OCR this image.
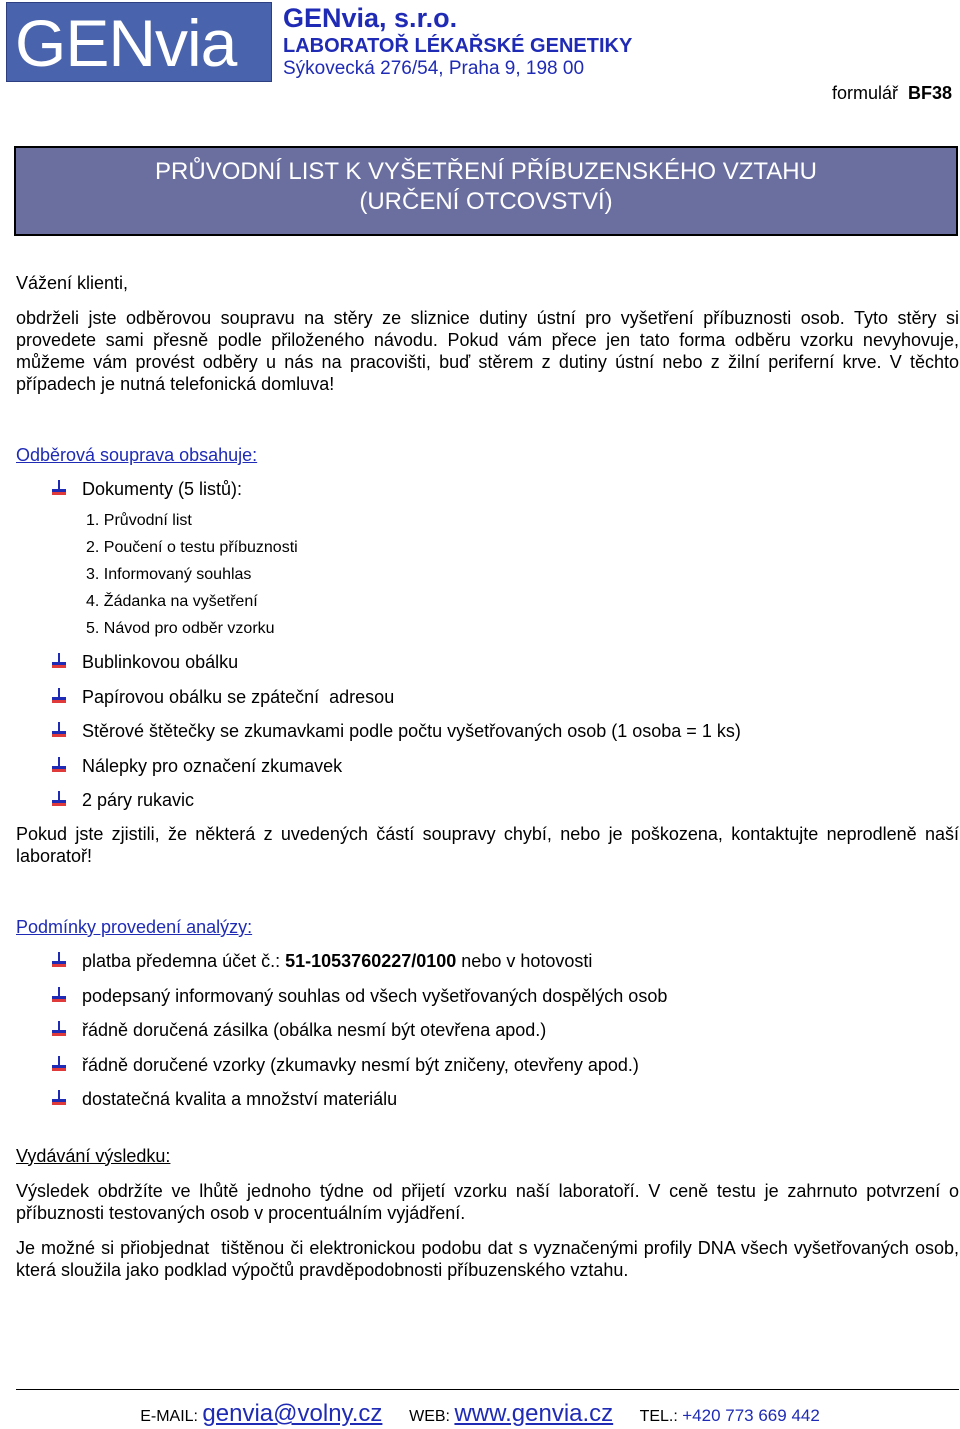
GENvia GENvia, s.r.o.
LABORATOŘ LÉKAŘSKÉ GENETIKY
Sýkovecká 276/54, Praha 9, 198 00
formulář BF38
PRŮVODNÍ LIST K VYŠETŘENÍ PŘÍBUZENSKÉHO VZTAHU
(URČENÍ OTCOVSTVÍ)

Vážení klienti,

obdrželi jste odběrovou soupravu na stěry ze sliznice dutiny ústní pro vyšetření příbuznosti osob. Tyto stěry si provedete sami přesně podle přiloženého návodu. Pokud vám přece jen tato forma odběru vzorku nevyhovuje, můžeme vám provést odběry u nás na pracovišti, buď stěrem z dutiny ústní nebo z žilní periferní krve. V těchto případech je nutná telefonická domluva!

Odběrová souprava obsahuje:

Dokumenty (5 listů):
1. Průvodní list
2. Poučení o testu příbuznosti
3. Informovaný souhlas
4. Žádanka na vyšetření
5. Návod pro odběr vzorku
Bublinkovou obálku
Papírovou obálku se zpáteční  adresou
Stěrové štětečky se zkumavkami podle počtu vyšetřovaných osob (1 osoba = 1 ks)
Nálepky pro označení zkumavek
2 páry rukavic

Pokud jste zjistili, že některá z uvedených částí soupravy chybí, nebo je poškozena, kontaktujte neprodleně naší laboratoř!

Podmínky provedení analýzy:

platba předemna účet č.: 51-1053760227/0100 nebo v hotovosti
podepsaný informovaný souhlas od všech vyšetřovaných dospělých osob
řádně doručená zásilka (obálka nesmí být otevřena apod.)
řádně doručené vzorky (zkumavky nesmí být zničeny, otevřeny apod.)
dostatečná kvalita a množství materiálu

Vydávání výsledku:

Výsledek obdržíte ve lhůtě jednoho týdne od přijetí vzorku naší laboratoří. V ceně testu je zahrnuto potvrzení o příbuznosti testovaných osob v procentuálním vyjádření.

Je možné si přiobjednat  tištěnou či elektronickou podobu dat s vyznačenými profily DNA všech vyšetřovaných osob, která sloužila jako podklad výpočtů pravděpodobnosti příbuzenského vztahu.

E-MAIL: genvia@volny.cz WEB: www.genvia.cz TEL.: +420 773 669 442
